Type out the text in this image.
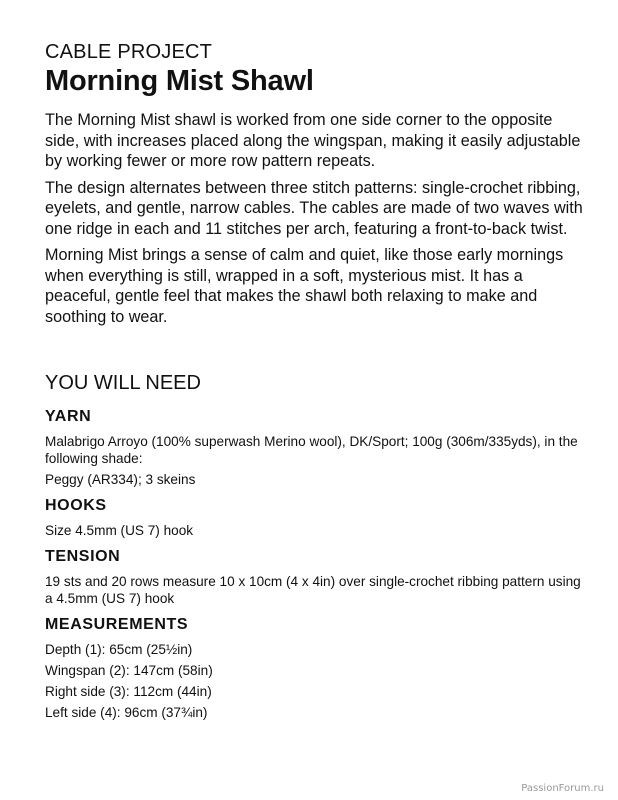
CABLE PROJECT
Morning Mist Shawl

The Morning Mist shawl is worked from one side corner to the opposite side, with increases placed along the wingspan, making it easily adjustable by working fewer or more row pattern repeats.

The design alternates between three stitch patterns: single-crochet ribbing, eyelets, and gentle, narrow cables. The cables are made of two waves with one ridge in each and 11 stitches per arch, featuring a front-to-back twist.

Morning Mist brings a sense of calm and quiet, like those early mornings when everything is still, wrapped in a soft, mysterious mist. It has a peaceful, gentle feel that makes the shawl both relaxing to make and soothing to wear.

YOU WILL NEED
YARN

Malabrigo Arroyo (100% superwash Merino wool), DK/Sport; 100g (306m/335yds), in the following shade:

Peggy (AR334); 3 skeins

HOOKS

Size 4.5mm (US 7) hook

TENSION

19 sts and 20 rows measure 10 x 10cm (4 x 4in) over single-crochet ribbing pattern using a 4.5mm (US 7) hook

MEASUREMENTS

Depth (1): 65cm (25½in)

Wingspan (2): 147cm (58in)

Right side (3): 112cm (44in)

Left side (4): 96cm (37¾in)

PassionForum.ru
